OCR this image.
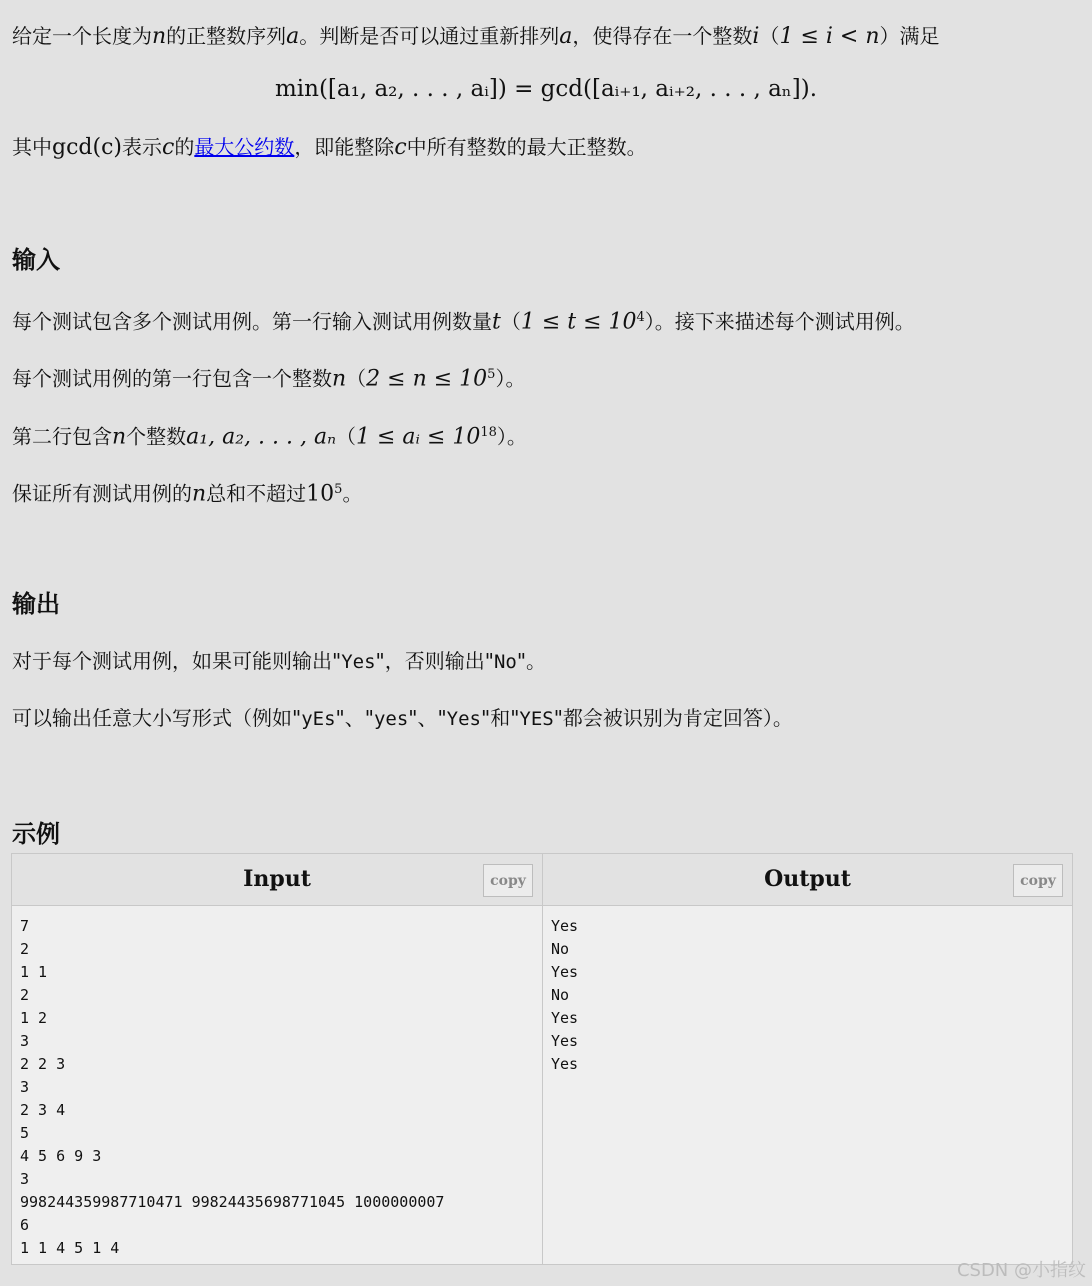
给定一个长度为n的正整数序列a。判断是否可以通过重新排列a，使得存在一个整数i（1 ≤ i < n）满足
min([a₁, a₂, . . . , aᵢ]) = gcd([aᵢ₊₁, aᵢ₊₂, . . . , aₙ]).
其中gcd(c)表示c的最大公约数，即能整除c中所有整数的最大正整数。
输入
每个测试包含多个测试用例。第一行输入测试用例数量$t(1 \le t \le 10^4)$。接下来描述每个测试用例。
每个测试用例的第一行包含一个整数$n(2 \le n \le 10^5)$。
第二行包含n个整数a₁, a₂, . . . , aₙ（1 ≤ aᵢ ≤ $10^{18}$）。
保证所有测试用例的n总和不超过$10^5$。
输出
对于每个测试用例，如果可能则输出"Yes"，否则输出"No"。
可以输出任意大小写形式（例如"yEs"、"yes"、"Yes"和"YES"都会被识别为肯定回答）。
示例
Input	copy
7
2
1 1
2
1 2
3
2 2 3
3
2 3 4
5
4 5 6 9 3
3
998244359987710471 99824435698771045 1000000007
6
1 1 4 5 1 4
Output	copy
Yes
No
Yes
No
Yes
Yes
Yes
CSDN @小指纹
